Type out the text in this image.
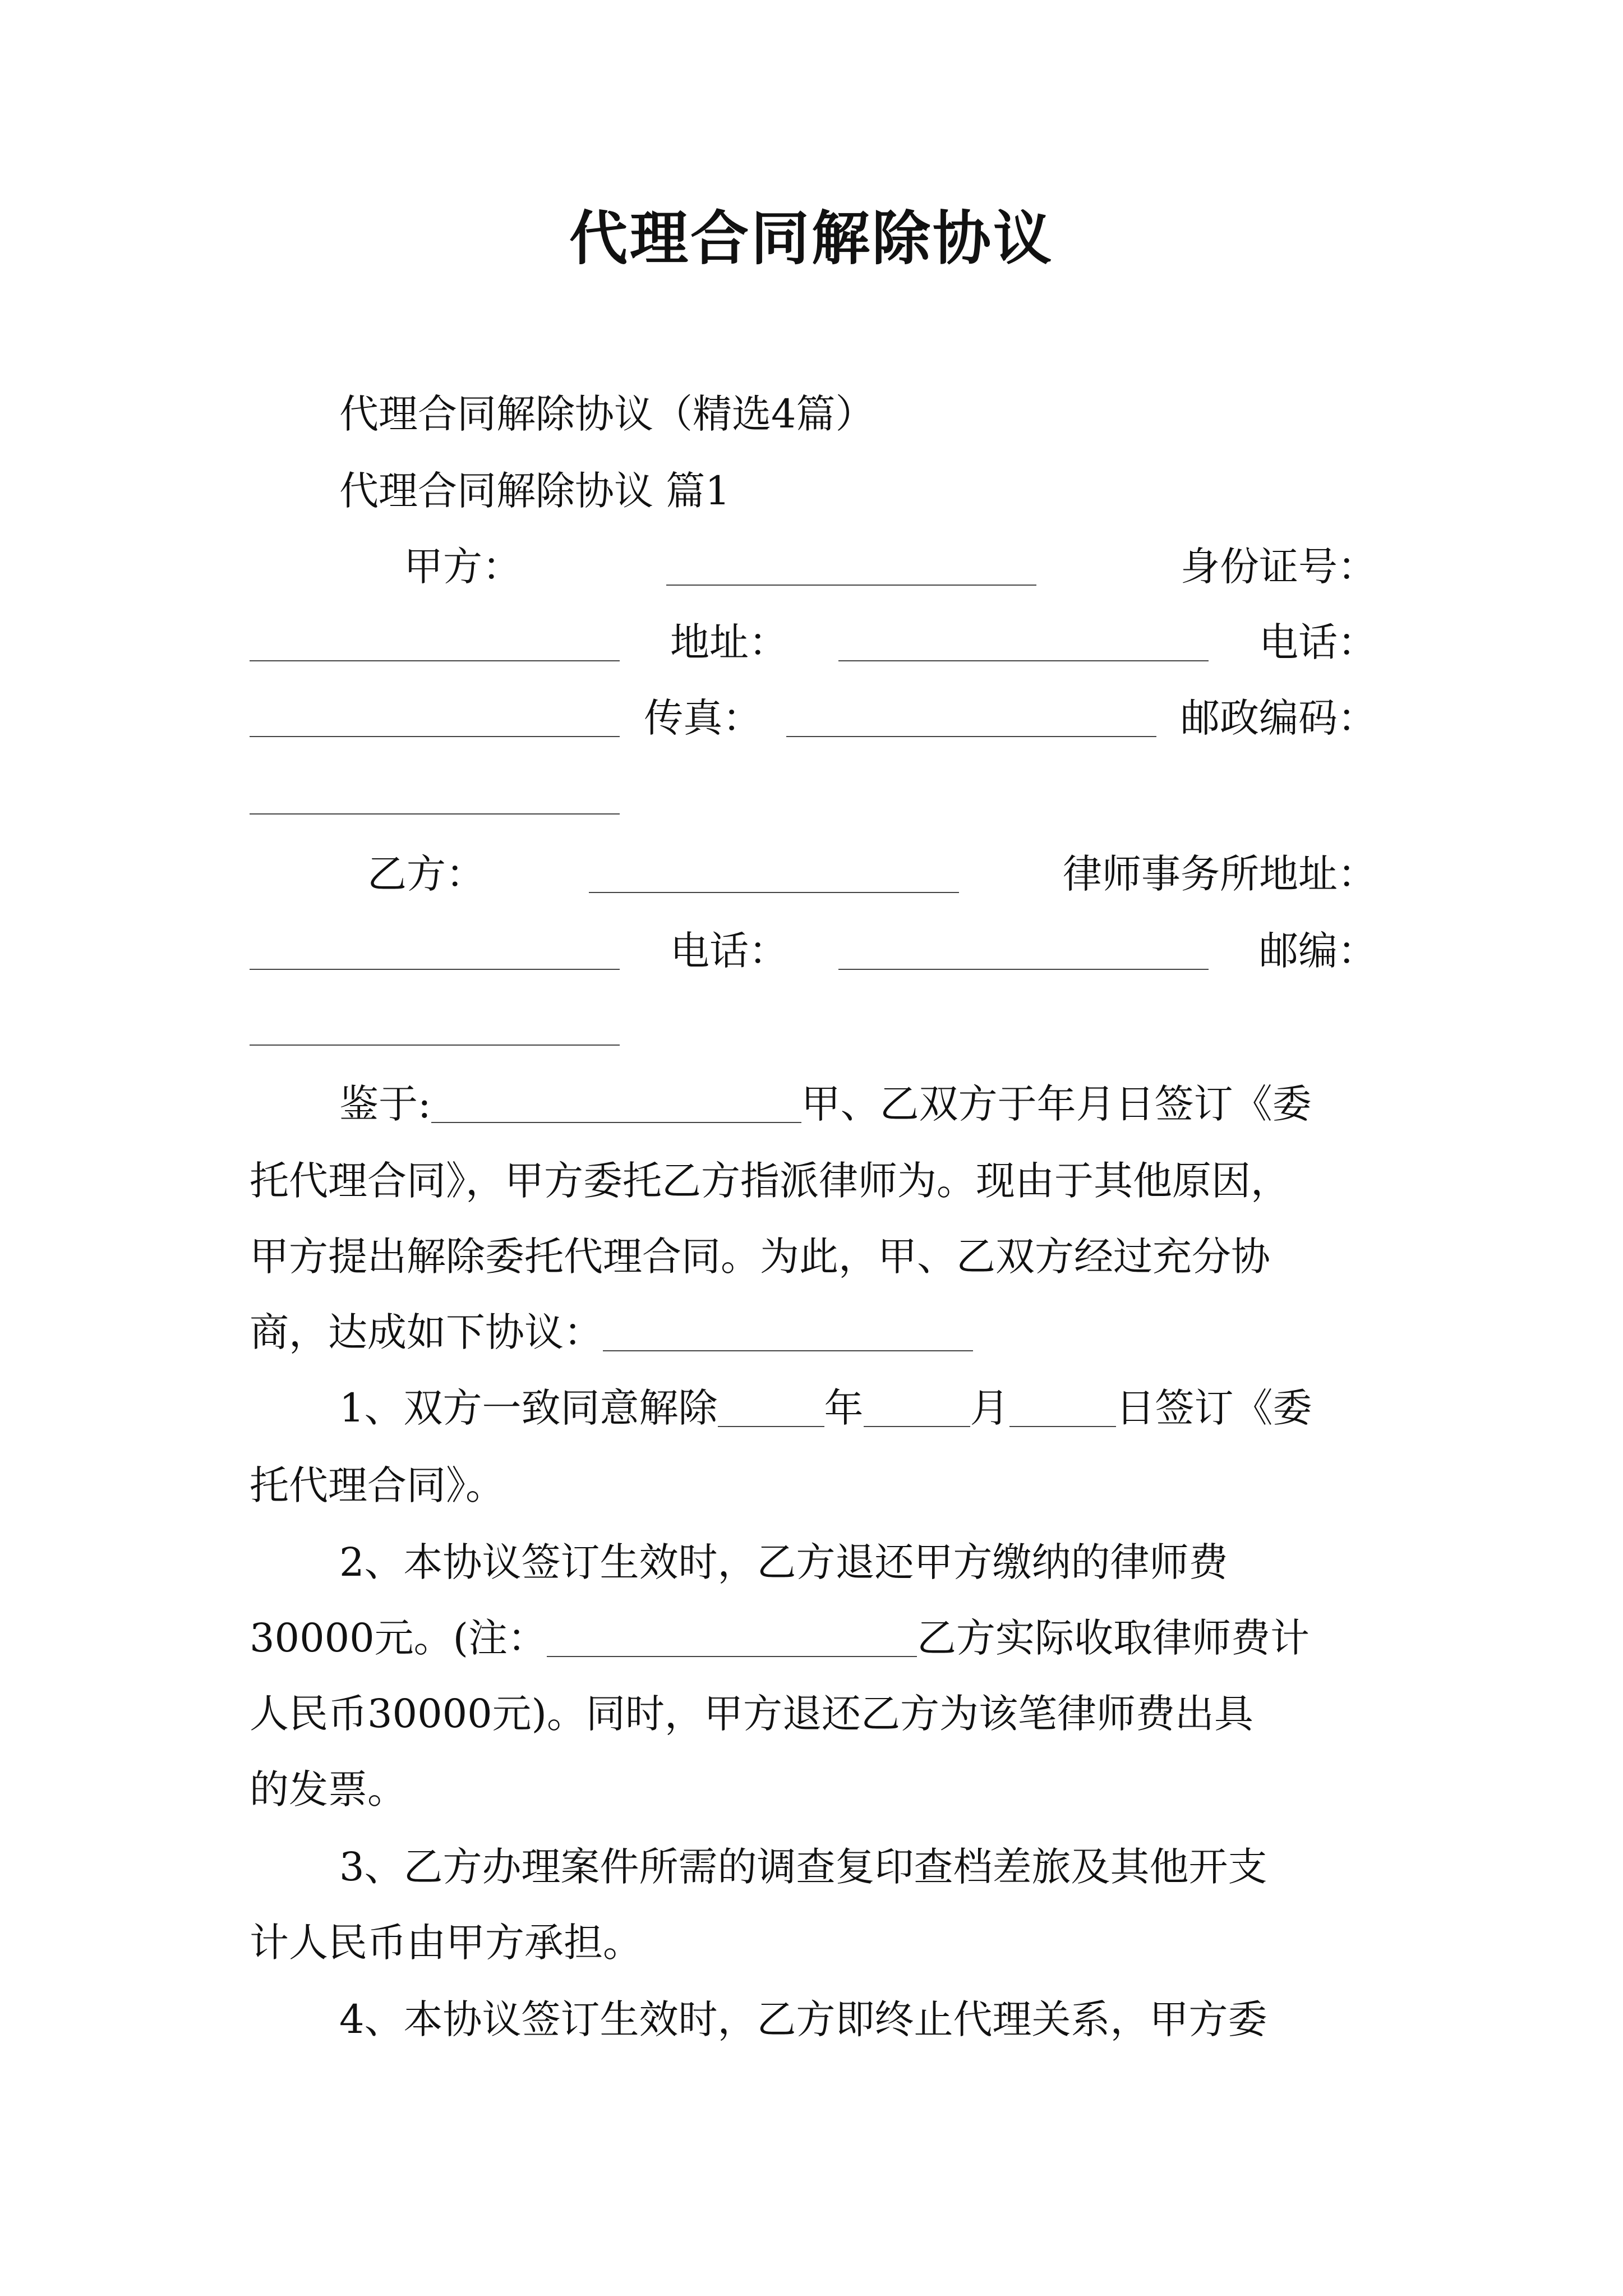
代理合同解除协议
代理合同解除协议（精选4篇）
代理合同解除协议 篇1
甲方：	身份证号：
地址：	电话：
传真：	邮政编码：
乙方：	律师事务所地址：
电话：	邮编：
鉴于:	甲、乙双方于年月日签订《委
托代理合同》，甲方委托乙方指派律师为。现由于其他原因，
甲方提出解除委托代理合同。为此，甲、乙双方经过充分协
商，达成如下协议：
1、双方一致同意解除	年	月	日签订《委
托代理合同》。
2、本协议签订生效时，乙方退还甲方缴纳的律师费
30000元。(注：	乙方实际收取律师费计
人民币30000元)。同时，甲方退还乙方为该笔律师费出具
的发票。
3、乙方办理案件所需的调查复印查档差旅及其他开支
计人民币由甲方承担。
4、本协议签订生效时，乙方即终止代理关系，甲方委
